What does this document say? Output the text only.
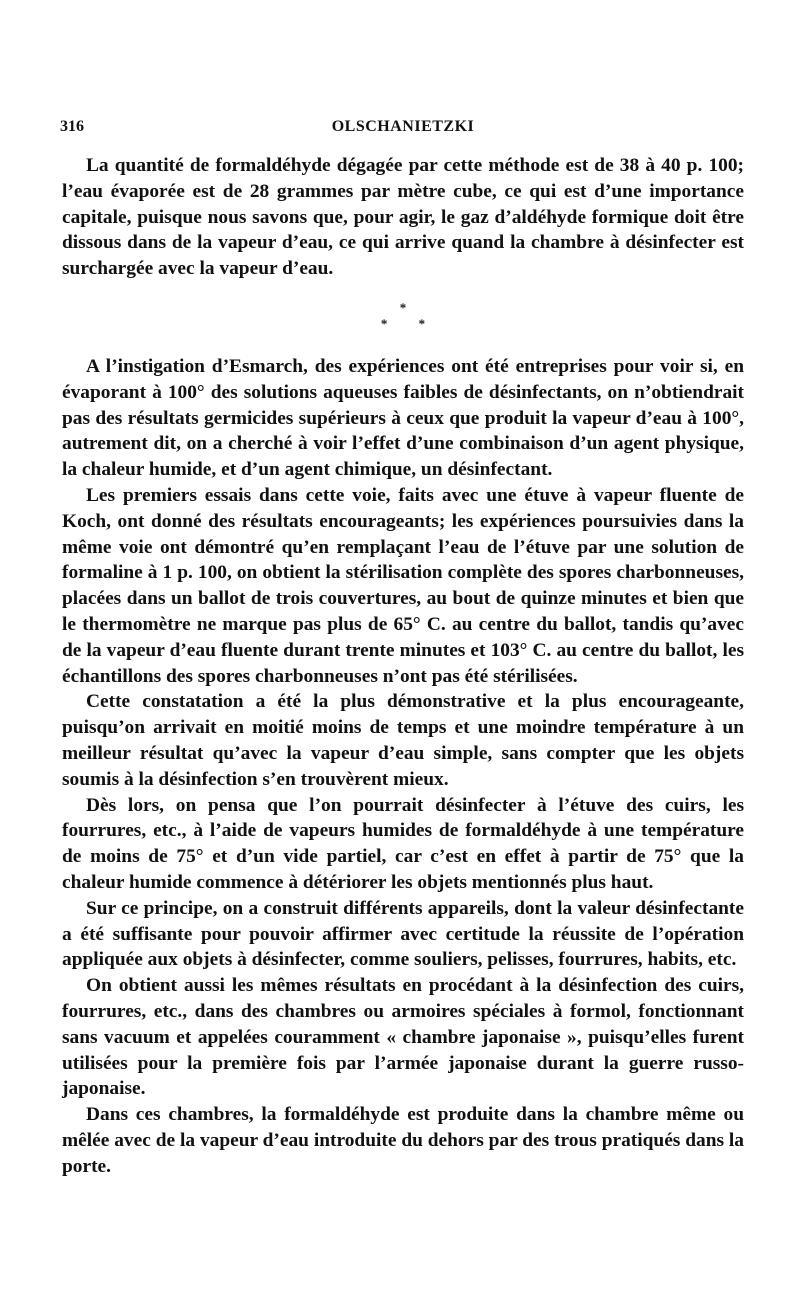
316	OLSCHANIETZKI

La quantité de formaldéhyde dégagée par cette méthode est de 38 à 40 p. 100; l’eau évaporée est de 28 grammes par mètre cube, ce qui est d’une importance capitale, puisque nous savons que, pour agir, le gaz d’aldéhyde formique doit être dissous dans de la vapeur d’eau, ce qui arrive quand la chambre à désinfecter est surchargée avec la vapeur d’eau.

*
* *

A l’instigation d’Esmarch, des expériences ont été entreprises pour voir si, en évaporant à 100° des solutions aqueuses faibles de désinfectants, on n’obtiendrait pas des résultats germicides supérieurs à ceux que produit la vapeur d’eau à 100°, autrement dit, on a cherché à voir l’effet d’une combinaison d’un agent physique, la chaleur humide, et d’un agent chimique, un désinfectant.

Les premiers essais dans cette voie, faits avec une étuve à vapeur fluente de Koch, ont donné des résultats encourageants; les expériences poursuivies dans la même voie ont démontré qu’en remplaçant l’eau de l’étuve par une solution de formaline à 1 p. 100, on obtient la stérilisation complète des spores charbonneuses, placées dans un ballot de trois couvertures, au bout de quinze minutes et bien que le thermomètre ne marque pas plus de 65° C. au centre du ballot, tandis qu’avec de la vapeur d’eau fluente durant trente minutes et 103° C. au centre du ballot, les échantillons des spores charbonneuses n’ont pas été stérilisées.

Cette constatation a été la plus démonstrative et la plus encourageante, puisqu’on arrivait en moitié moins de temps et une moindre température à un meilleur résultat qu’avec la vapeur d’eau simple, sans compter que les objets soumis à la désinfection s’en trouvèrent mieux.

Dès lors, on pensa que l’on pourrait désinfecter à l’étuve des cuirs, les fourrures, etc., à l’aide de vapeurs humides de formaldéhyde à une température de moins de 75° et d’un vide partiel, car c’est en effet à partir de 75° que la chaleur humide commence à détériorer les objets mentionnés plus haut.

Sur ce principe, on a construit différents appareils, dont la valeur désinfectante a été suffisante pour pouvoir affirmer avec certitude la réussite de l’opération appliquée aux objets à désinfecter, comme souliers, pelisses, fourrures, habits, etc.

On obtient aussi les mêmes résultats en procédant à la désinfection des cuirs, fourrures, etc., dans des chambres ou armoires spéciales à formol, fonctionnant sans vacuum et appelées couramment « chambre japonaise », puisqu’elles furent utilisées pour la première fois par l’armée japonaise durant la guerre russo-japonaise.

Dans ces chambres, la formaldéhyde est produite dans la chambre même ou mêlée avec de la vapeur d’eau introduite du dehors par des trous pratiqués dans la porte.
